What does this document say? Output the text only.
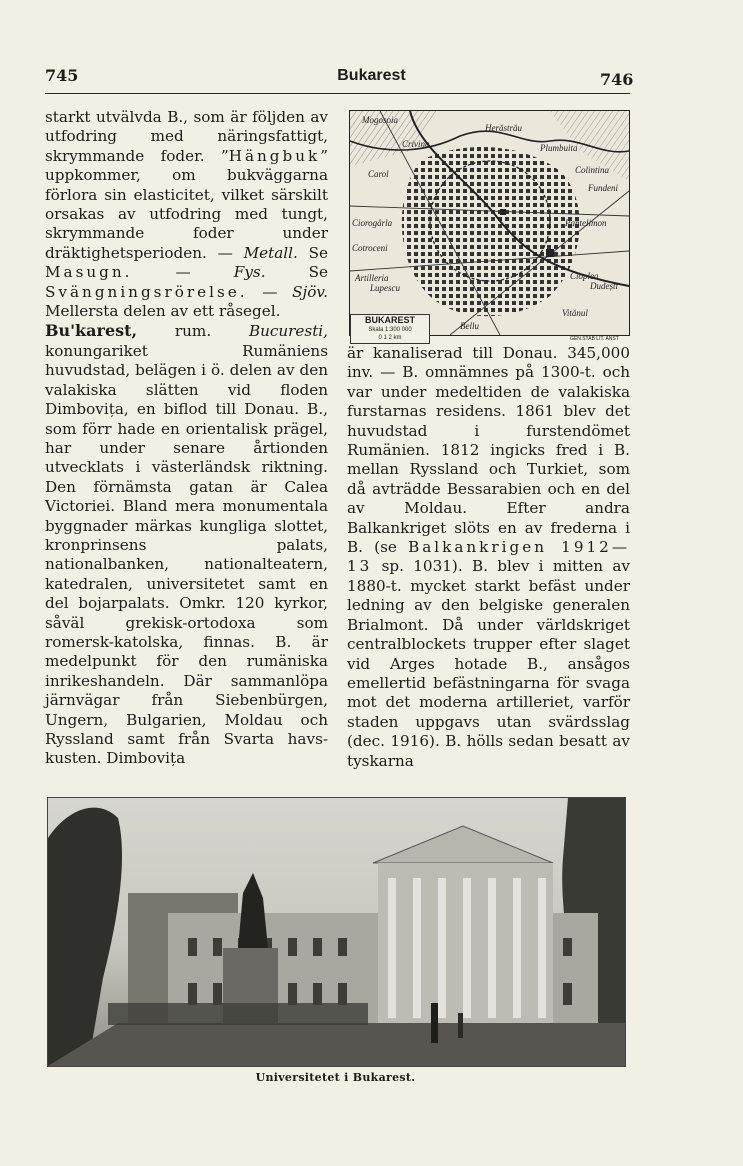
745	Bukarest	746

starkt utvälvda B., som är följden av utfodring med näringsfattigt, skrymmande foder. ”Hängbuk” uppkommer, om bukväggarna förlora sin elasticitet, vilket särskilt orsakas av utfodring med tungt, skrymmande foder under dräktighetsperioden. — Metall. Se Masugn. — Fys. Se Svängningsrörelse. — Sjöv. Mellersta delen av ett råsegel.

Bu'karest, rum. Bucuresti, konungariket Rumäniens huvudstad, belägen i ö. delen av den valakiska slätten vid floden Dimbovița, en biflod till Donau. B., som förr hade en orientalisk prägel, har under senare årtionden utvecklats i västerländsk riktning. Den förnämsta gatan är Calea Victoriei. Bland mera monumentala byggnader märkas kungliga slottet, kronprinsens palats, nationalbanken, nationalteatern, katedralen, universitetet samt en del bojarpalats. Omkr. 120 kyrkor, såväl grekisk-ortodoxa som romersk-katolska, finnas. B. är medelpunkt för den rumäniska inrikeshandeln. Där sammanlöpa järnvägar från Siebenbürgen, Ungern, Bulgarien, Moldau och Ryssland samt från Svarta havs-kusten. Dimbovița

Mogosoia
Herăstrău
Crivina	Plumbuita
Colintina
Carol
Pantelimon
Fundeni
Cotroceni
Ciorogârla
Dudești
Ciopleа
Vitănul
Lupescu
Bellu
Artilleria
BUKAREST
Skala 1:300 000
0 1 2 km	GEN.STAB LIT. ANST

är kanaliserad till Donau. 345,000 inv. — B. omnämnes på 1300-t. och var under medeltiden de valakiska furstarnas residens. 1861 blev det huvudstad i furstendömet Rumänien. 1812 ingicks fred i B. mellan Ryssland och Turkiet, som då avträdde Bessarabien och en del av Moldau. Efter andra Balkankriget slöts en av frederna i B. (se Balkankrigen 1912—13 sp. 1031). B. blev i mitten av 1880-t. mycket starkt befäst under ledning av den belgiske generalen Brialmont. Då under världskriget centralblockets trupper efter slaget vid Arges hotade B., ansågos emellertid befästningarna för svaga mot det moderna artilleriet, varför staden uppgavs utan svärdsslag (dec. 1916). B. hölls sedan besatt av tyskarna

Universitetet i Bukarest.
